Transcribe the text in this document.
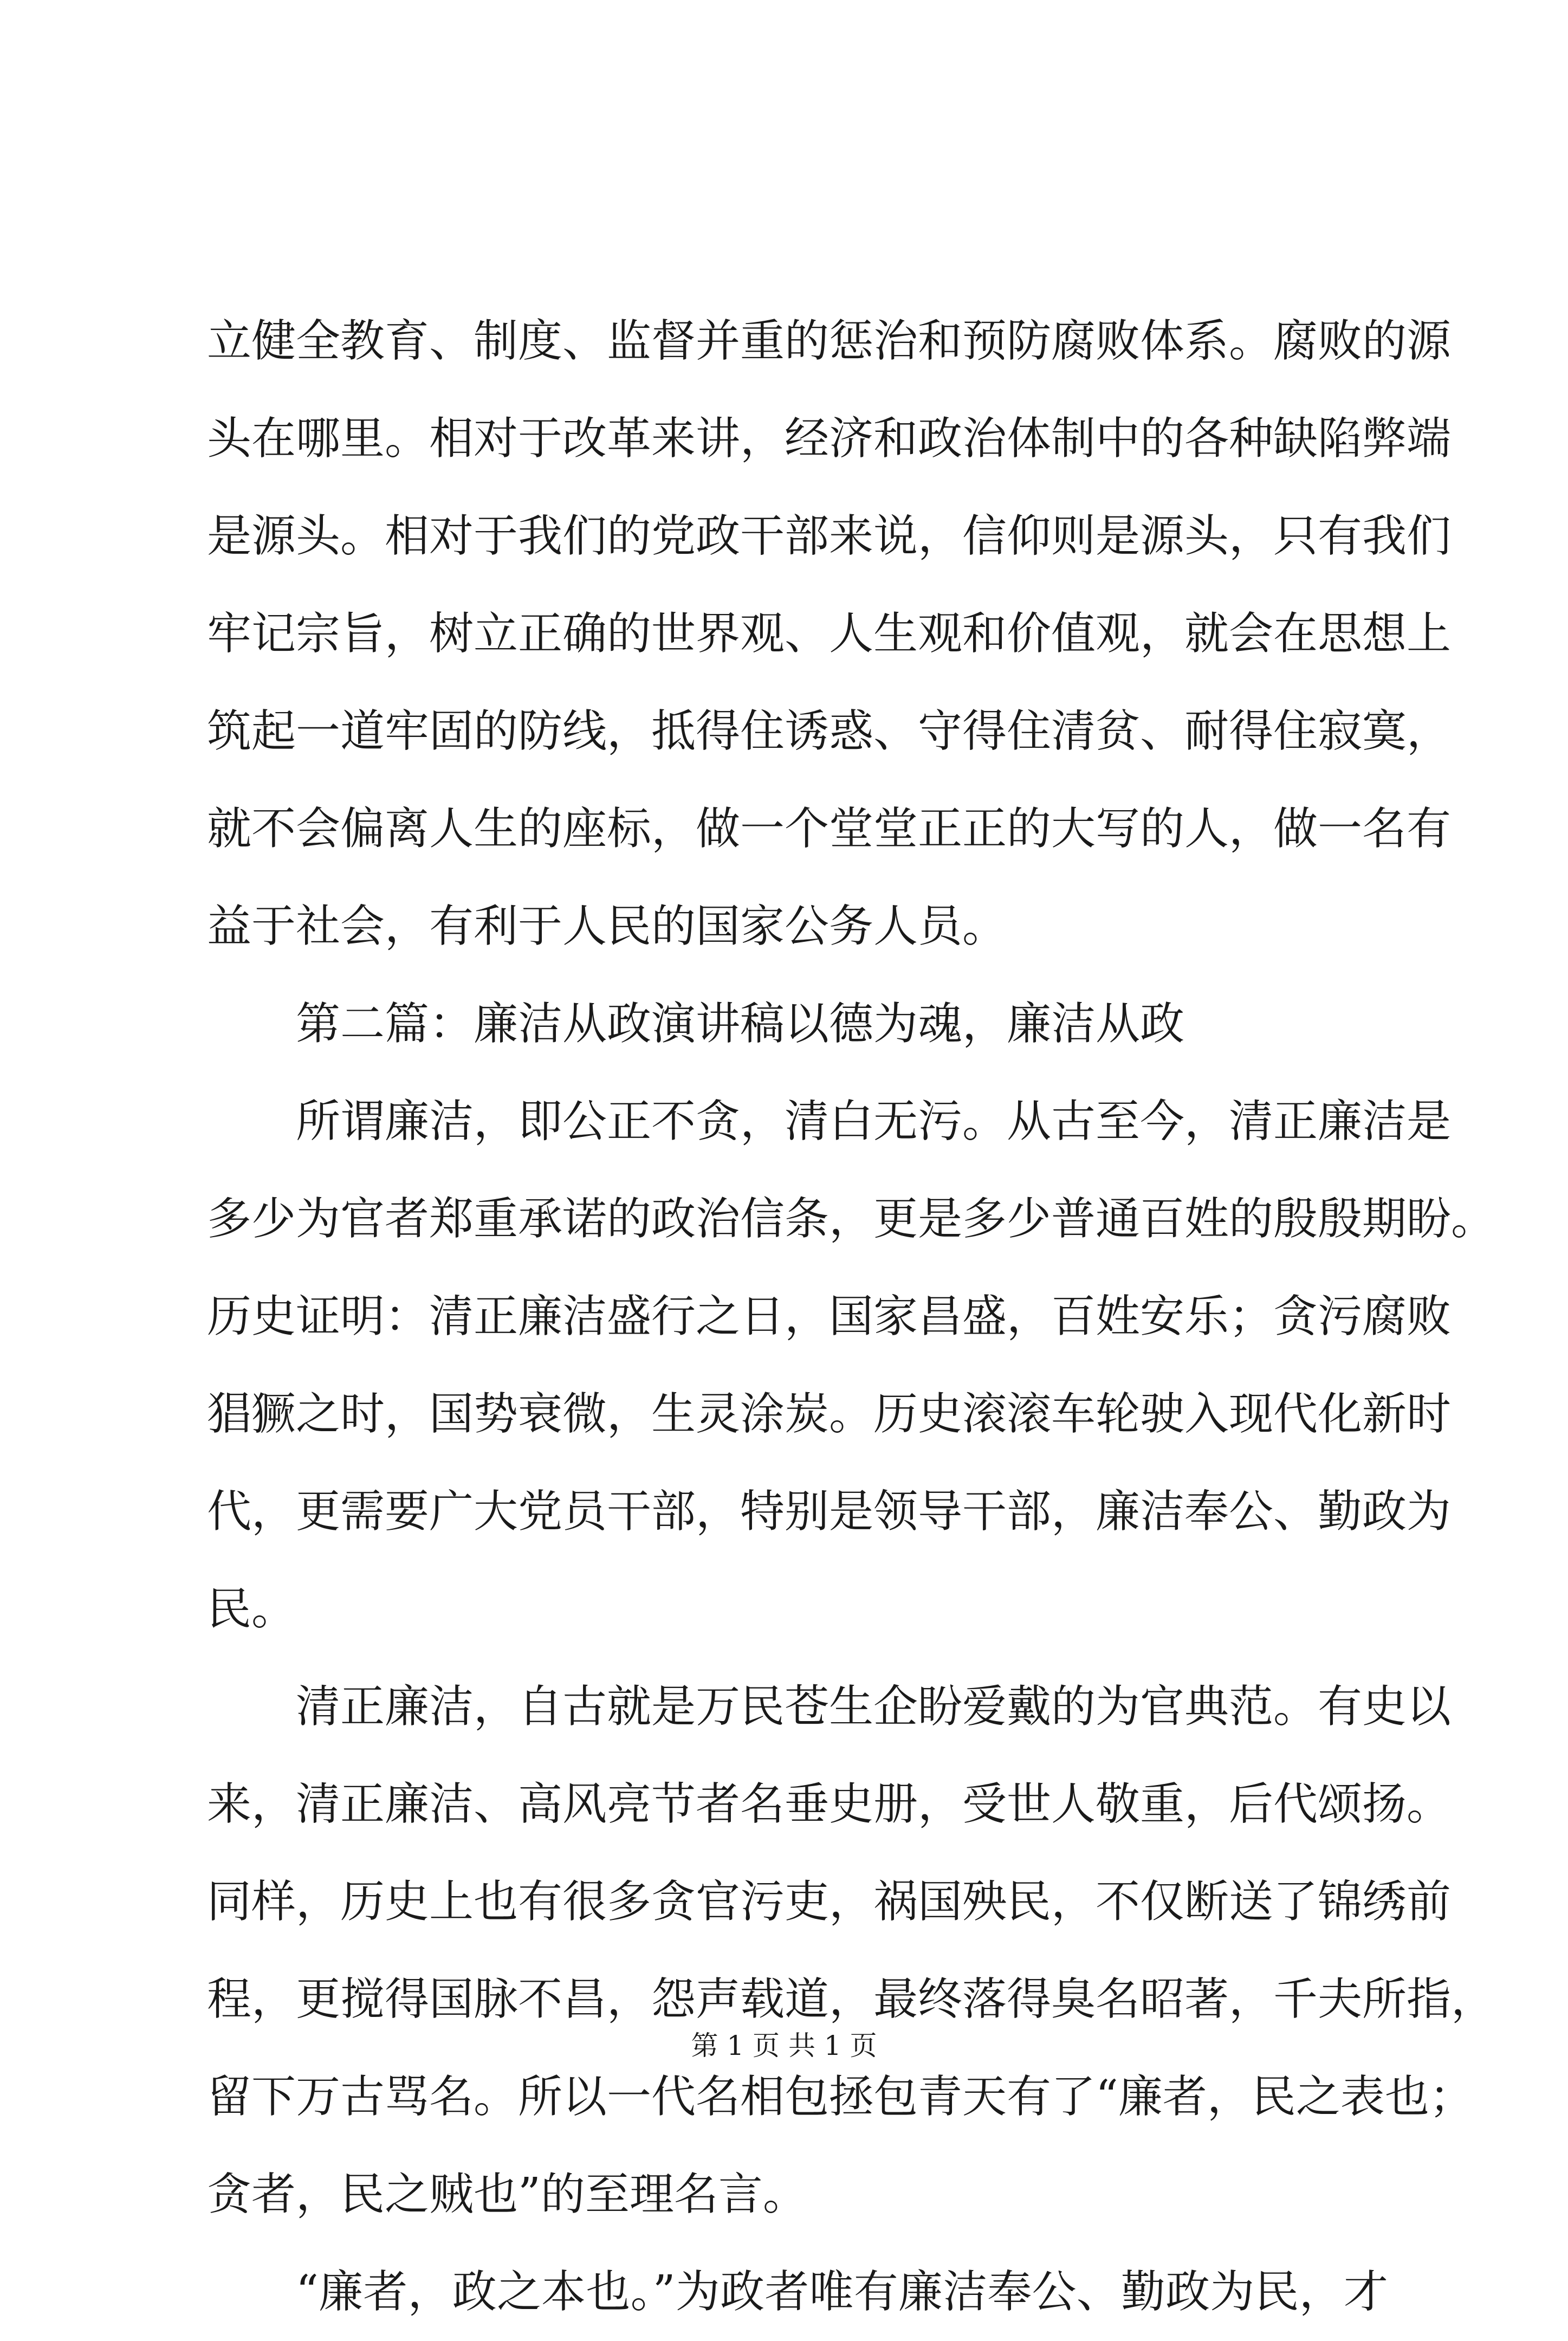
立健全教育、制度、监督并重的惩治和预防腐败体系。腐败的源
头在哪里。相对于改革来讲，经济和政治体制中的各种缺陷弊端
是源头。相对于我们的党政干部来说，信仰则是源头，只有我们
牢记宗旨，树立正确的世界观、人生观和价值观，就会在思想上
筑起一道牢固的防线，抵得住诱惑、守得住清贫、耐得住寂寞，
就不会偏离人生的座标，做一个堂堂正正的大写的人，做一名有
益于社会，有利于人民的国家公务人员。
第二篇：廉洁从政演讲稿以德为魂，廉洁从政
所谓廉洁，即公正不贪，清白无污。从古至今，清正廉洁是
多少为官者郑重承诺的政治信条，更是多少普通百姓的殷殷期盼。
历史证明：清正廉洁盛行之日，国家昌盛，百姓安乐；贪污腐败
猖獗之时，国势衰微，生灵涂炭。历史滚滚车轮驶入现代化新时
代，更需要广大党员干部，特别是领导干部，廉洁奉公、勤政为
民。
清正廉洁，自古就是万民苍生企盼爱戴的为官典范。有史以
来，清正廉洁、高风亮节者名垂史册，受世人敬重，后代颂扬。
同样，历史上也有很多贪官污吏，祸国殃民，不仅断送了锦绣前
程，更搅得国脉不昌，怨声载道，最终落得臭名昭著，千夫所指，
留下万古骂名。所以一代名相包拯包青天有了“廉者，民之表也；
贪者，民之贼也”的至理名言。
“廉者，政之本也。”为政者唯有廉洁奉公、勤政为民，才
第 1 页 共 1 页
